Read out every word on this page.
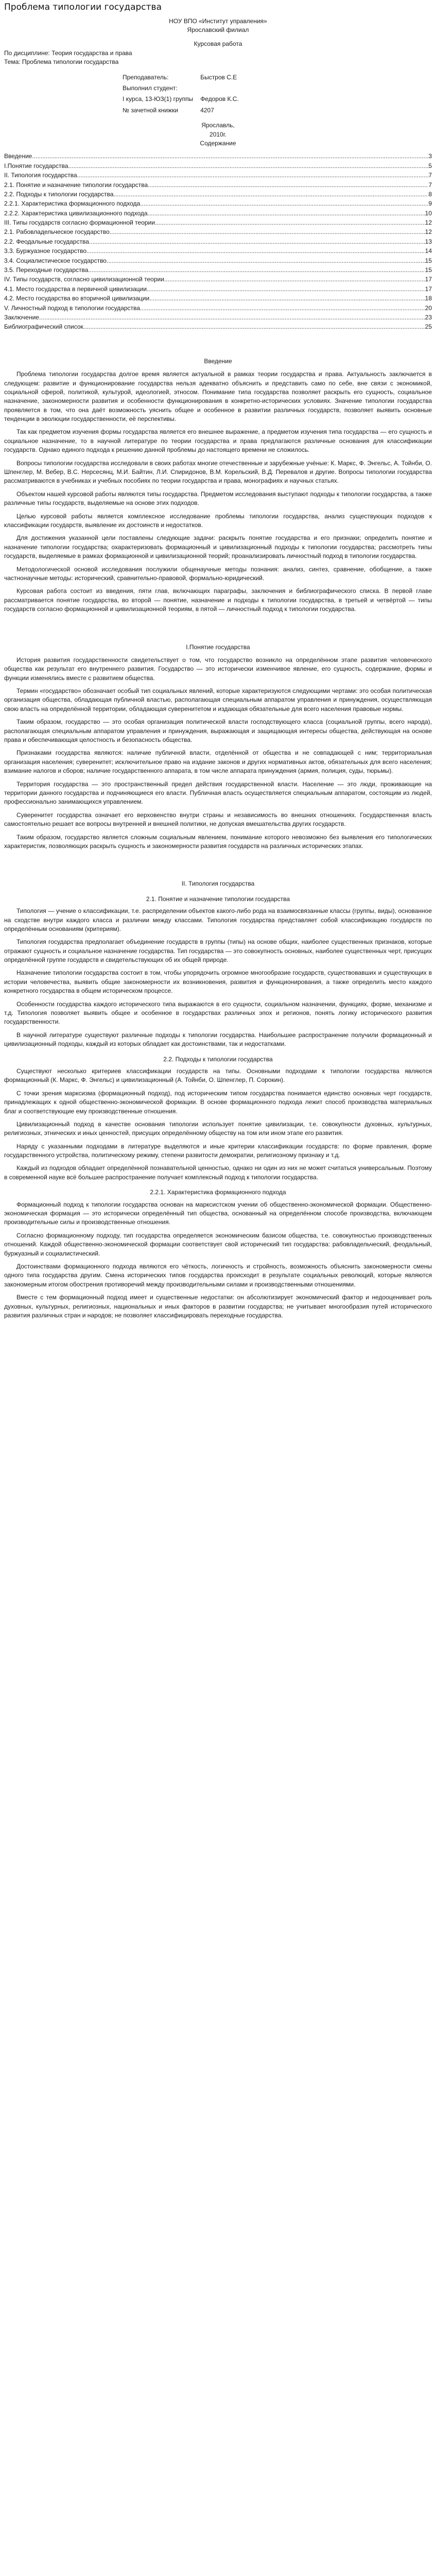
Проблема типологии государства

НОУ ВПО «Институт управления»

Ярославский филиал

Курсовая работа

По дисциплине: Теория государства и права

Тема: Проблема типологии государства

Преподаватель:	Быстров С.Е
Выполнил студент:	
I курса, 13-ЮЗ(1) группы	Федоров К.С.
№ зачетной книжки	4207

Ярославль,

2010г.

Содержание

Введение .....	3
I.Понятие государства .....	5
II. Типология государства .....	7
2.1. Понятие и назначение типологии государства .....	7
2.2. Подходы к типологии государства .....	8
2.2.1. Характеристика формационного подхода .....	9
2.2.2. Характеристика цивилизационного подхода .....	10
III. Типы государств согласно формационной теории .....	12
2.1. Рабовладельческое государство .....	12
2.2. Феодальные государства .....	13
3.3. Буржуазное государство .....	14
3.4. Социалистическое государство .....	15
3.5. Переходные государства .....	15
IV. Типы государств, согласно цивилизационной теории .....	17
4.1. Место государства в первичной цивилизации .....	17
4.2. Место государства во вторичной цивилизации .....	18
V. Личностный подход в типологии государства .....	20
Заключение .....	23
Библиографический список .....	25

Введение

Проблема типологии государства долгое время является актуальной в рамках теории государства и права. Актуальность заключается в следующем: развитие и функционирование государства нельзя адекватно объяснить и представить само по себе, вне связи с экономикой, социальной сферой, политикой, культурой, идеологией, этносом. Понимание типа государства позволяет раскрыть его сущность, социальное назначение, закономерности развития и особенности функционирования в конкретно-исторических условиях. Значение типологии государства проявляется в том, что она даёт возможность уяснить общее и особенное в развитии различных государств, позволяет выявить основные тенденции в эволюции государственности, её перспективы.

Так как предметом изучения формы государства является его внешнее выражение, а предметом изучения типа государства — его сущность и социальное назначение, то в научной литературе по теории государства и права предлагаются различные основания для классификации государств. Однако единого подхода к решению данной проблемы до настоящего времени не сложилось.

Вопросы типологии государства исследовали в своих работах многие отечественные и зарубежные учёные: К. Маркс, Ф. Энгельс, А. Тойнби, О. Шпенглер, М. Вебер, В.С. Нерсесянц, М.И. Байтин, Л.И. Спиридонов, В.М. Корельский, В.Д. Перевалов и другие. Вопросы типологии государства рассматриваются в учебниках и учебных пособиях по теории государства и права, монографиях и научных статьях.

Объектом нашей курсовой работы являются типы государства. Предметом исследования выступают подходы к типологии государства, а также различные типы государств, выделяемые на основе этих подходов.

Целью курсовой работы является комплексное исследование проблемы типологии государства, анализ существующих подходов к классификации государств, выявление их достоинств и недостатков.

Для достижения указанной цели поставлены следующие задачи: раскрыть понятие государства и его признаки; определить понятие и назначение типологии государства; охарактеризовать формационный и цивилизационный подходы к типологии государства; рассмотреть типы государств, выделяемые в рамках формационной и цивилизационной теорий; проанализировать личностный подход в типологии государства.

Методологической основой исследования послужили общенаучные методы познания: анализ, синтез, сравнение, обобщение, а также частнонаучные методы: исторический, сравнительно-правовой, формально-юридический.

Курсовая работа состоит из введения, пяти глав, включающих параграфы, заключения и библиографического списка. В первой главе рассматривается понятие государства, во второй — понятие, назначение и подходы к типологии государства, в третьей и четвёртой — типы государств согласно формационной и цивилизационной теориям, в пятой — личностный подход к типологии государства.

I.Понятие государства

История развития государственности свидетельствует о том, что государство возникло на определённом этапе развития человеческого общества как результат его внутреннего развития. Государство — это исторически изменчивое явление, его сущность, содержание, формы и функции изменялись вместе с развитием общества.

Термин «государство» обозначает особый тип социальных явлений, которые характеризуются следующими чертами: это особая политическая организация общества, обладающая публичной властью, располагающая специальным аппаратом управления и принуждения, осуществляющая свою власть на определённой территории, обладающая суверенитетом и издающая обязательные для всего населения правовые нормы.

Таким образом, государство — это особая организация политической власти господствующего класса (социальной группы, всего народа), располагающая специальным аппаратом управления и принуждения, выражающая и защищающая интересы общества, действующая на основе права и обеспечивающая целостность и безопасность общества.

Признаками государства являются: наличие публичной власти, отделённой от общества и не совпадающей с ним; территориальная организация населения; суверенитет; исключительное право на издание законов и других нормативных актов, обязательных для всего населения; взимание налогов и сборов; наличие государственного аппарата, в том числе аппарата принуждения (армия, полиция, суды, тюрьмы).

Территория государства — это пространственный предел действия государственной власти. Население — это люди, проживающие на территории данного государства и подчиняющиеся его власти. Публичная власть осуществляется специальным аппаратом, состоящим из людей, профессионально занимающихся управлением.

Суверенитет государства означает его верховенство внутри страны и независимость во внешних отношениях. Государственная власть самостоятельно решает все вопросы внутренней и внешней политики, не допуская вмешательства других государств.

Таким образом, государство является сложным социальным явлением, понимание которого невозможно без выявления его типологических характеристик, позволяющих раскрыть сущность и закономерности развития государств на различных исторических этапах.

II. Типология государства

2.1. Понятие и назначение типологии государства

Типология — учение о классификации, т.е. распределении объектов какого-либо рода на взаимосвязанные классы (группы, виды), основанное на сходстве внутри каждого класса и различии между классами. Типология государства представляет собой классификацию государств по определённым основаниям (критериям).

Типология государства предполагает объединение государств в группы (типы) на основе общих, наиболее существенных признаков, которые отражают сущность и социальное назначение государства. Тип государства — это совокупность основных, наиболее существенных черт, присущих определённой группе государств и свидетельствующих об их общей природе.

Назначение типологии государства состоит в том, чтобы упорядочить огромное многообразие государств, существовавших и существующих в истории человечества, выявить общие закономерности их возникновения, развития и функционирования, а также определить место каждого конкретного государства в общем историческом процессе.

Особенности государства каждого исторического типа выражаются в его сущности, социальном назначении, функциях, форме, механизме и т.д. Типология позволяет выявить общее и особенное в государствах различных эпох и регионов, понять логику исторического развития государственности.

В научной литературе существуют различные подходы к типологии государства. Наибольшее распространение получили формационный и цивилизационный подходы, каждый из которых обладает как достоинствами, так и недостатками.

2.2. Подходы к типологии государства

Существуют несколько критериев классификации государств на типы. Основными подходами к типологии государства являются формационный (К. Маркс, Ф. Энгельс) и цивилизационный (А. Тойнби, О. Шпенглер, П. Сорокин).

С точки зрения марксизма (формационный подход), под историческим типом государства понимается единство основных черт государств, принадлежащих к одной общественно-экономической формации. В основе формационного подхода лежит способ производства материальных благ и соответствующие ему производственные отношения.

Цивилизационный подход в качестве основания типологии использует понятие цивилизации, т.е. совокупности духовных, культурных, религиозных, этнических и иных ценностей, присущих определённому обществу на том или ином этапе его развития.

Наряду с указанными подходами в литературе выделяются и иные критерии классификации государств: по форме правления, форме государственного устройства, политическому режиму, степени развитости демократии, религиозному признаку и т.д.

Каждый из подходов обладает определённой познавательной ценностью, однако ни один из них не может считаться универсальным. Поэтому в современной науке всё большее распространение получает комплексный подход к типологии государства.

2.2.1. Характеристика формационного подхода

Формационный подход к типологии государства основан на марксистском учении об общественно-экономической формации. Общественно-экономическая формация — это исторически определённый тип общества, основанный на определённом способе производства, включающем производительные силы и производственные отношения.

Согласно формационному подходу, тип государства определяется экономическим базисом общества, т.е. совокупностью производственных отношений. Каждой общественно-экономической формации соответствует свой исторический тип государства: рабовладельческий, феодальный, буржуазный и социалистический.

Достоинствами формационного подхода являются его чёткость, логичность и стройность, возможность объяснить закономерности смены одного типа государства другим. Смена исторических типов государства происходит в результате социальных революций, которые являются закономерным итогом обострения противоречий между производительными силами и производственными отношениями.

Вместе с тем формационный подход имеет и существенные недостатки: он абсолютизирует экономический фактор и недооценивает роль духовных, культурных, религиозных, национальных и иных факторов в развитии государства; не учитывает многообразия путей исторического развития различных стран и народов; не позволяет классифицировать переходные государства.
